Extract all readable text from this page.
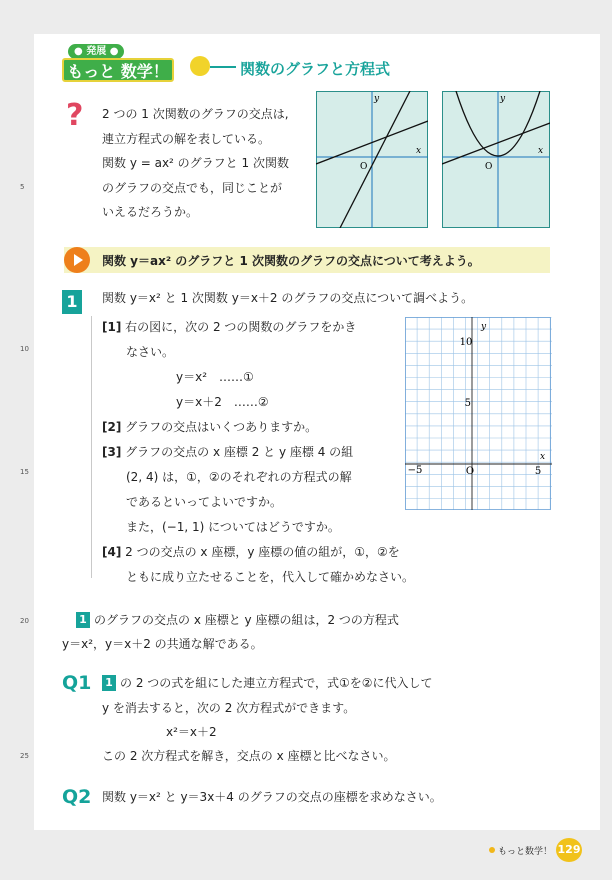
5
10
15
20
25
● 発展 ●
もっと 数学！	関数のグラフと方程式
? 2 つの 1 次関数のグラフの交点は,
連立方程式の解を表している。
関数 y = ax² のグラフと 1 次関数
のグラフの交点でも，同じことが
いえるだろうか。
y
x
O
y
x
O
関数 y＝ax² のグラフと 1 次関数のグラフの交点について考えよう。
1	関数 y＝x² と 1 次関数 y＝x＋2 のグラフの交点について調べよう。
[1] 右の図に，次の 2 つの関数のグラフをかき
なさい。
y＝x²　……①
y＝x＋2　……②
[2] グラフの交点はいくつありますか。
[3] グラフの交点の x 座標 2 と y 座標 4 の組
(2, 4) は，①，②のそれぞれの方程式の解
であるといってよいですか。
また，(−1, 1) についてはどうですか。
[4] 2 つの交点の x 座標，y 座標の値の組が，①，②を
ともに成り立たせることを，代入して確かめなさい。
y
x
10
5
−5	O	5
1 のグラフの交点の x 座標と y 座標の組は，2 つの方程式
y＝x²，y＝x＋2 の共通な解である。
Q1 1 の 2 つの式を組にした連立方程式で，式①を②に代入して
y を消去すると，次の 2 次方程式ができます。
x²＝x＋2
この 2 次方程式を解き，交点の x 座標と比べなさい。
Q2 関数 y＝x² と y＝3x＋4 のグラフの交点の座標を求めなさい。
もっと数学！ 129
